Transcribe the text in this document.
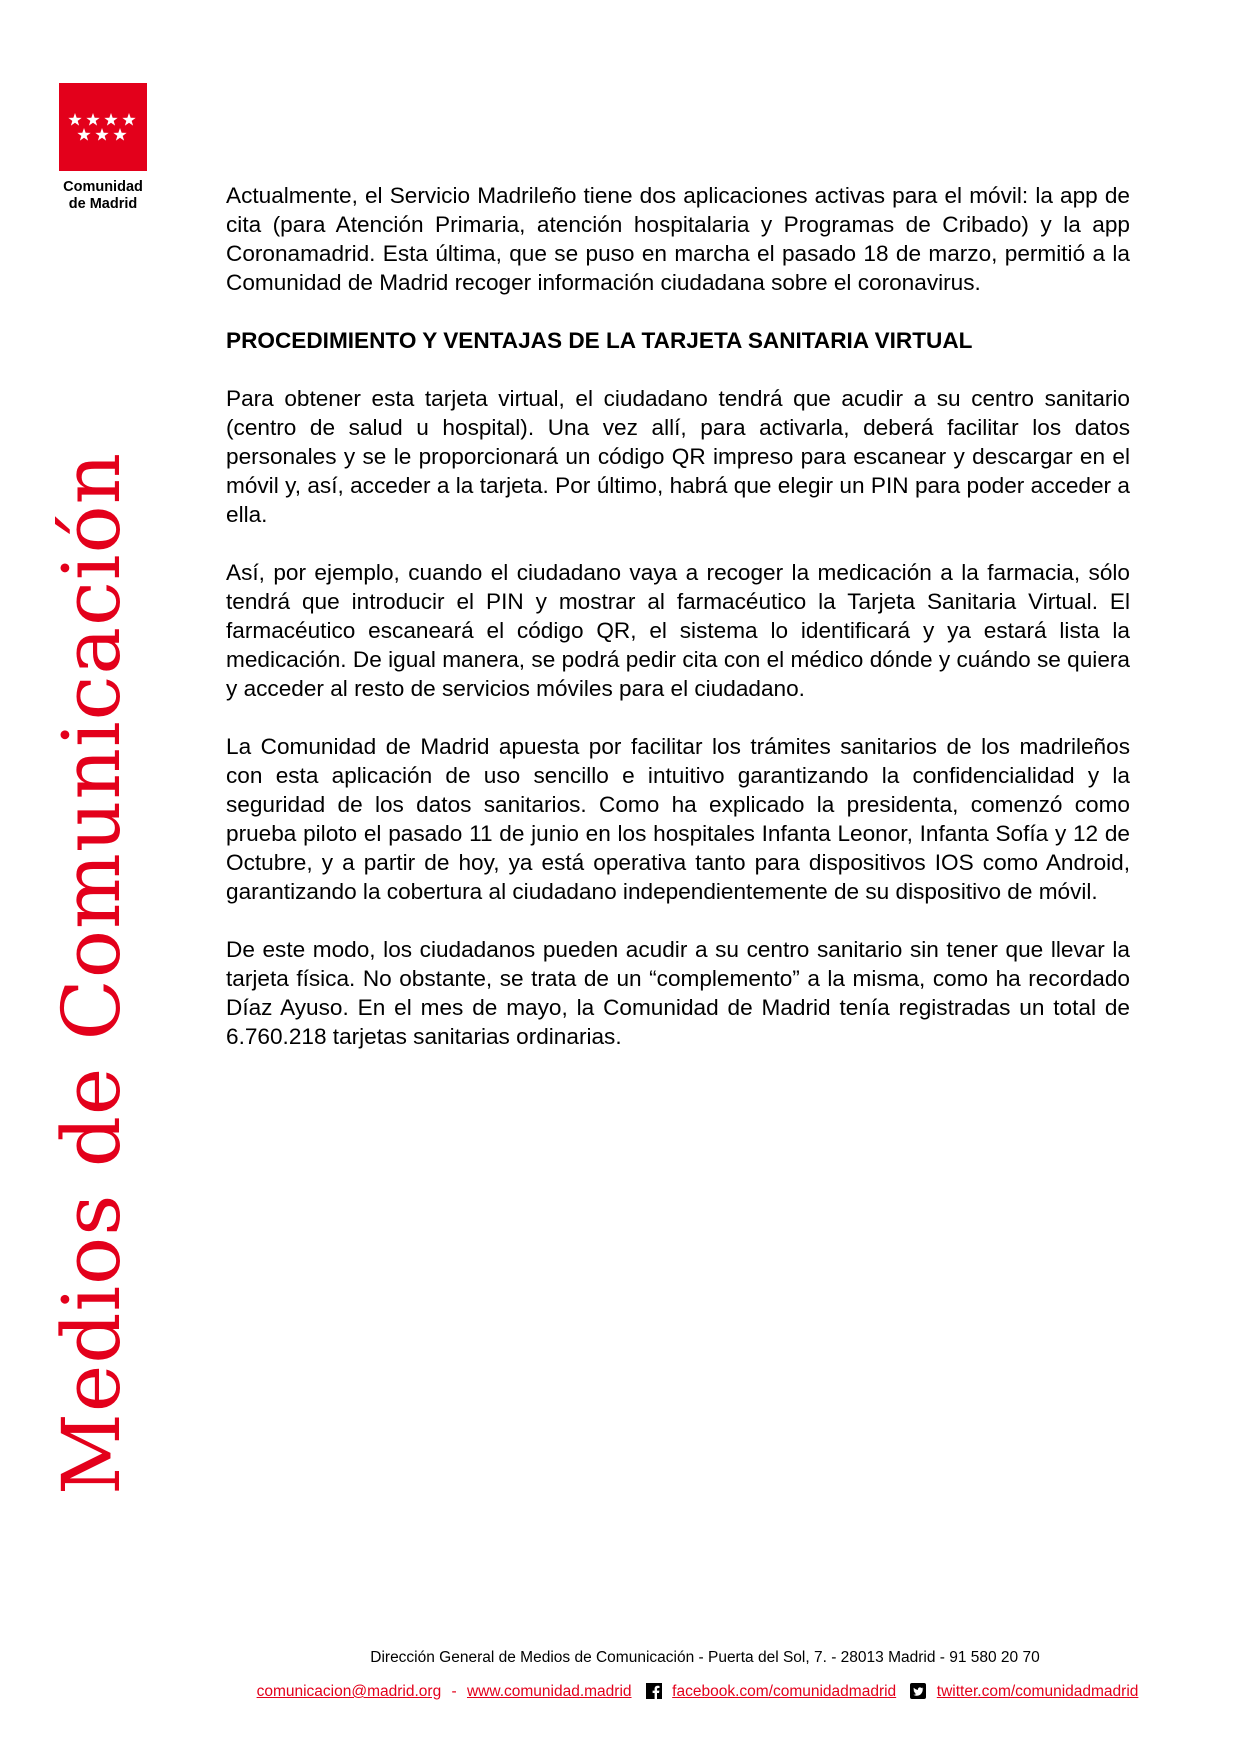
Comunidad
de Madrid
Medios de Comunicación

Actualmente, el Servicio Madrileño tiene dos aplicaciones activas para el móvil: la app de cita (para Atención Primaria, atención hospitalaria y Programas de Cribado) y la app Coronamadrid. Esta última, que se puso en marcha el pasado 18 de marzo, permitió a la Comunidad de Madrid recoger información ciudadana sobre el coronavirus.

PROCEDIMIENTO Y VENTAJAS DE LA TARJETA SANITARIA VIRTUAL

Para obtener esta tarjeta virtual, el ciudadano tendrá que acudir a su centro sanitario (centro de salud u hospital). Una vez allí, para activarla, deberá facilitar los datos personales y se le proporcionará un código QR impreso para escanear y descargar en el móvil y, así, acceder a la tarjeta. Por último, habrá que elegir un PIN para poder acceder a ella.

Así, por ejemplo, cuando el ciudadano vaya a recoger la medicación a la farmacia, sólo tendrá que introducir el PIN y mostrar al farmacéutico la Tarjeta Sanitaria Virtual. El farmacéutico escaneará el código QR, el sistema lo identificará y ya estará lista la medicación. De igual manera, se podrá pedir cita con el médico dónde y cuándo se quiera y acceder al resto de servicios móviles para el ciudadano.

La Comunidad de Madrid apuesta por facilitar los trámites sanitarios de los madrileños con esta aplicación de uso sencillo e intuitivo garantizando la confidencialidad y la seguridad de los datos sanitarios. Como ha explicado la presidenta, comenzó como prueba piloto el pasado 11 de junio en los hospitales Infanta Leonor, Infanta Sofía y 12 de Octubre, y a partir de hoy, ya está operativa tanto para dispositivos IOS como Android, garantizando la cobertura al ciudadano independientemente de su dispositivo de móvil.

De este modo, los ciudadanos pueden acudir a su centro sanitario sin tener que llevar la tarjeta física. No obstante, se trata de un “complemento” a la misma, como ha recordado Díaz Ayuso. En el mes de mayo, la Comunidad de Madrid tenía registradas un total de 6.760.218 tarjetas sanitarias ordinarias.

Dirección General de Medios de Comunicación - Puerta del Sol, 7. - 28013 Madrid - 91 580 20 70
comunicacion@madrid.org - www.comunidad.madrid	facebook.com/comunidadmadrid	twitter.com/comunidadmadrid
